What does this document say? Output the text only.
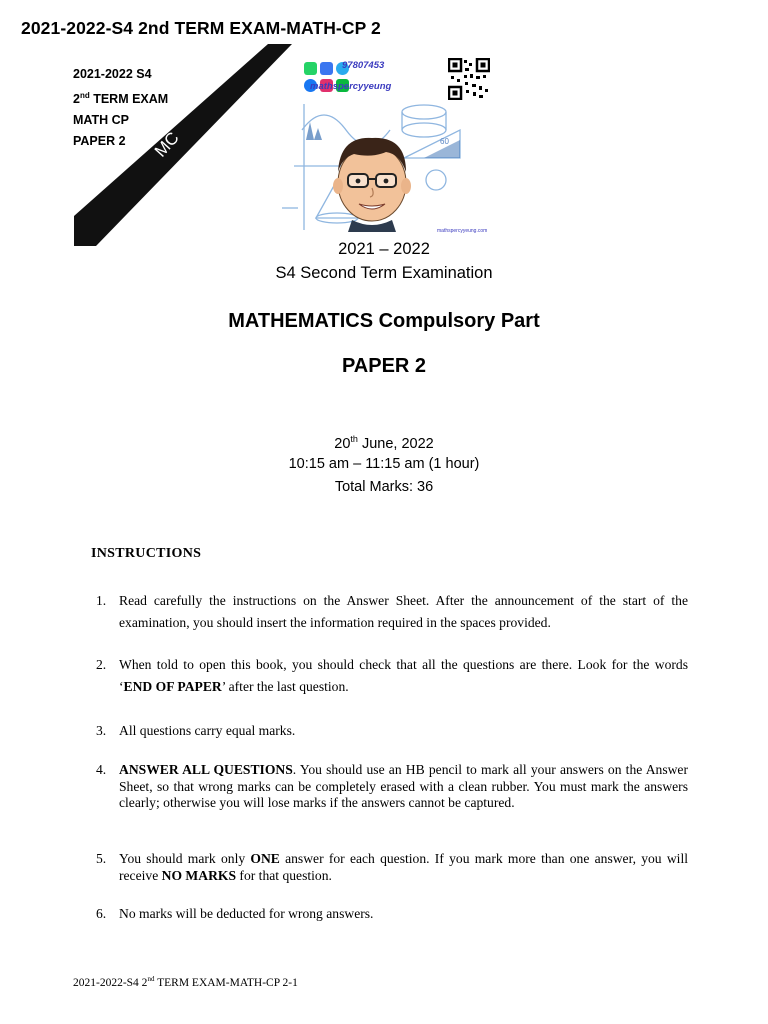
2021-2022-S4 2nd TERM EXAM-MATH-CP 2
MC
2021-2022 S4
2nd TERM EXAM
MATH CP
PAPER 2
97807453
mathspercyyeung
60
mathspercyyeung.com
2021 – 2022
S4 Second Term Examination
MATHEMATICS Compulsory Part
PAPER 2
20th June, 2022
10:15 am – 11:15 am (1 hour)
Total Marks: 36
INSTRUCTIONS
1. Read carefully the instructions on the Answer Sheet. After the announcement of the start of the examination, you should insert the information required in the spaces provided.
2. When told to open this book, you should check that all the questions are there. Look for the words ‘END OF PAPER’ after the last question.
3. All questions carry equal marks.
4. ANSWER ALL QUESTIONS. You should use an HB pencil to mark all your answers on the Answer Sheet, so that wrong marks can be completely erased with a clean rubber. You must mark the answers clearly; otherwise you will lose marks if the answers cannot be captured.
5. You should mark only ONE answer for each question. If you mark more than one answer, you will receive NO MARKS for that question.
6. No marks will be deducted for wrong answers.
2021-2022-S4 2nd TERM EXAM-MATH-CP 2-1
